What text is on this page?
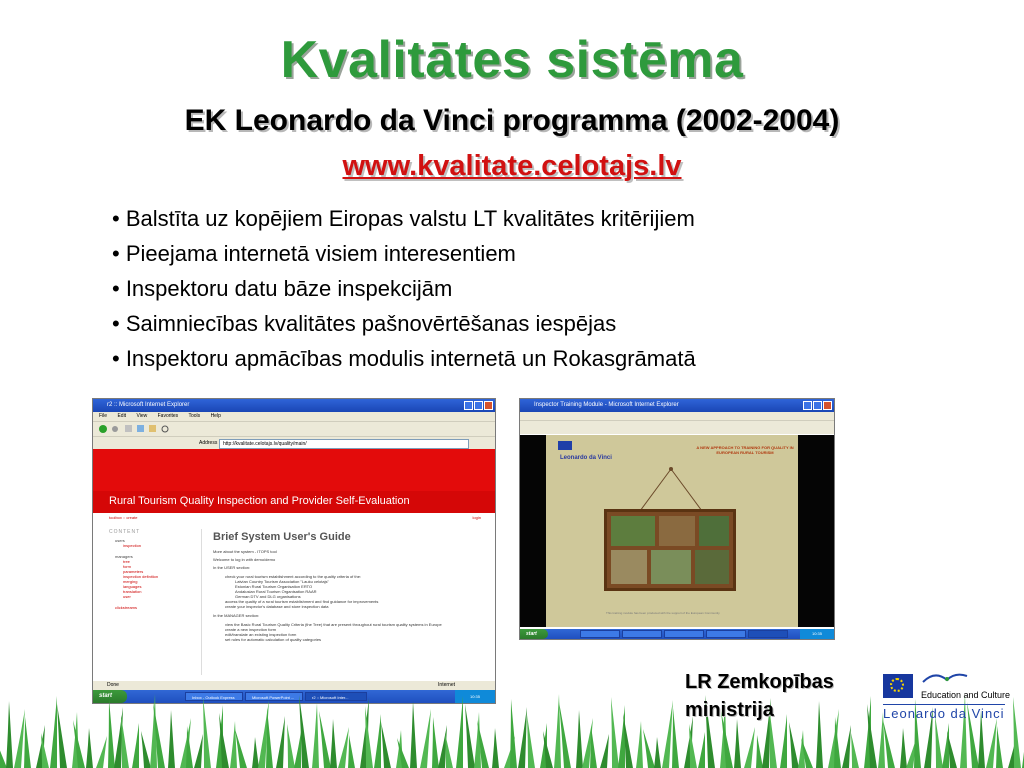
Kvalitātes sistēma
EK Leonardo da Vinci programma (2002-2004)
www.kvalitate.celotajs.lv
• Balstīta uz kopējiem Eiropas valstu LT kvalitātes kritērijiem
• Pieejama internetā visiem interesentiem
• Inspektoru datu bāze inspekcijām
• Saimniecības kvalitātes pašnovērtēšanas iespējas
• Inspektoru apmācības modulis internetā un Rokasgrāmatā
r2 :: Microsoft Internet Explorer
File Edit View Favorites Tools Help
Address	http://kvalitate.celotajs.lv/quality/main/
Rural Tourism Quality Inspection and Provider Self-Evaluation
toolbox :: create	login
CONTENT
users
inspection
managers
tree
form
parameters
inspection definition
merging
languages
translation
user
clickstreams
Brief System User's Guide
More about the system - ITOPS tool
Welcome to log in with demo/demo
In the USER section:
check your rural tourism establishment according to the quality criteria of the:
Latvian Country Tourism Association "Lauku celotajs"
Estonian Rural Tourism Organisation ERTO
Andalusian Rural Tourism Organisation RAAR
German DTV and DLG organisations
access the quality of a rural tourism establishment and find guidance for improvements
create your inspector's database and store inspection data
In the MANAGER section:
view the Basic Rural Tourism Quality Criteria (the Tree) that are present throughout rural tourism quality systems in Europe
create a new inspection form
edit/translate an existing inspection form
set rules for automatic calculation of quality categories
Done	Internet
start	Inbox - Outlook Express	Microsoft PowerPoint ...	r2 :: Microsoft Inter...	10:35
Inspector Training Module - Microsoft Internet Explorer
Leonardo da Vinci
A NEW APPROACH TO TRAINING FOR QUALITY IN EUROPEAN RURAL TOURISM
This training module has been produced with the support of the European Community
start	10:35
LR Zemkopības
ministrija
Education and Culture
Leonardo da Vinci
